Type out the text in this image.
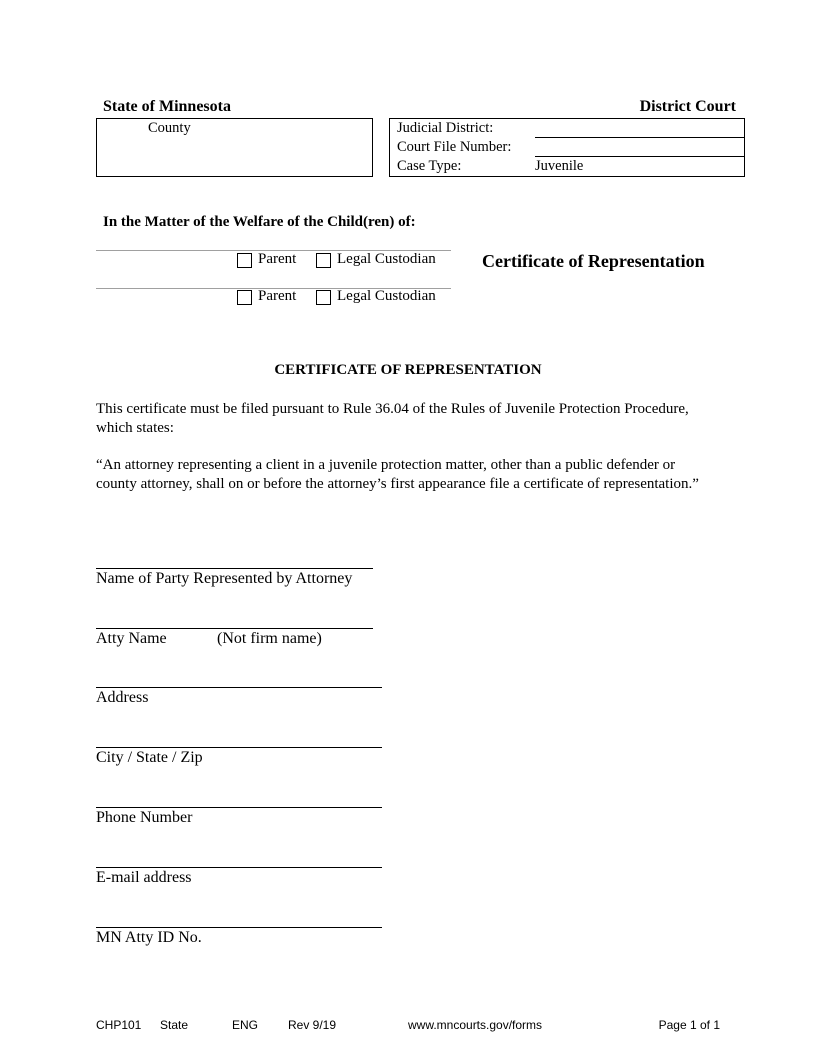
State of Minnesota	District Court
County	Judicial District:
Court File Number:
Case Type:	Juvenile
In the Matter of the Welfare of the Child(ren) of:
Parent	Legal Custodian
Parent	Legal Custodian
Certificate of Representation
CERTIFICATE OF REPRESENTATION
This certificate must be filed pursuant to Rule 36.04 of the Rules of Juvenile Protection Procedure,
which states:
“An attorney representing a client in a juvenile protection matter, other than a public defender or
county attorney, shall on or before the attorney’s first appearance file a certificate of representation.”
Name of Party Represented by Attorney
Atty Name	(Not firm name)
Address
City / State / Zip
Phone Number
E-mail address
MN Atty ID No.
CHP101 State	ENG Rev 9/19	www.mncourts.gov/forms	Page 1 of 1
